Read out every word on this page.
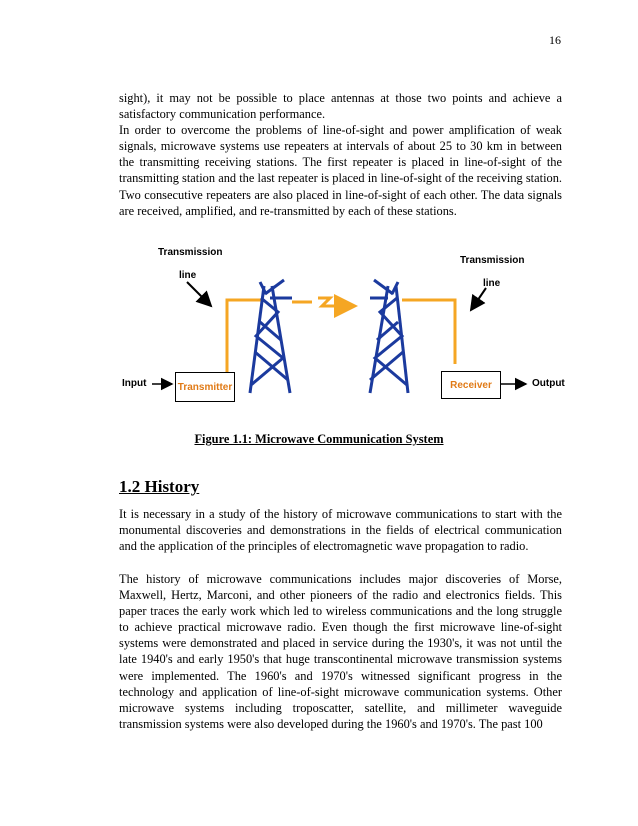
16
sight), it may not be possible to place antennas at those two points and achieve a satisfactory communication performance.
In order to overcome the problems of line-of-sight and power amplification of weak signals, microwave systems use repeaters at intervals of about 25 to 30 km in between the transmitting receiving stations. The first repeater is placed in line-of-sight of the transmitting station and the last repeater is placed in line-of-sight of the receiving station. Two consecutive repeaters are also placed in line-of-sight of each other. The data signals are received, amplified, and re-transmitted by each of these stations.
Transmission
line
Transmission
line
Input	Transmitter	Receiver	Output
Figure 1.1: Microwave Communication System
1.2 History

It is necessary in a study of the history of microwave communications to start with the monumental discoveries and demonstrations in the fields of electrical communication and the application of the principles of electromagnetic wave propagation to radio.

The history of microwave communications includes major discoveries of Morse, Maxwell, Hertz, Marconi, and other pioneers of the radio and electronics fields. This paper traces the early work which led to wireless communications and the long struggle to achieve practical microwave radio. Even though the first microwave line-of-sight systems were demonstrated and placed in service during the 1930's, it was not until the late 1940's and early 1950's that huge transcontinental microwave transmission systems were implemented. The 1960's and 1970's witnessed significant progress in the technology and application of line-of-sight microwave communication systems. Other microwave systems including troposcatter, satellite, and millimeter waveguide transmission systems were also developed during the 1960's and 1970's. The past 100
